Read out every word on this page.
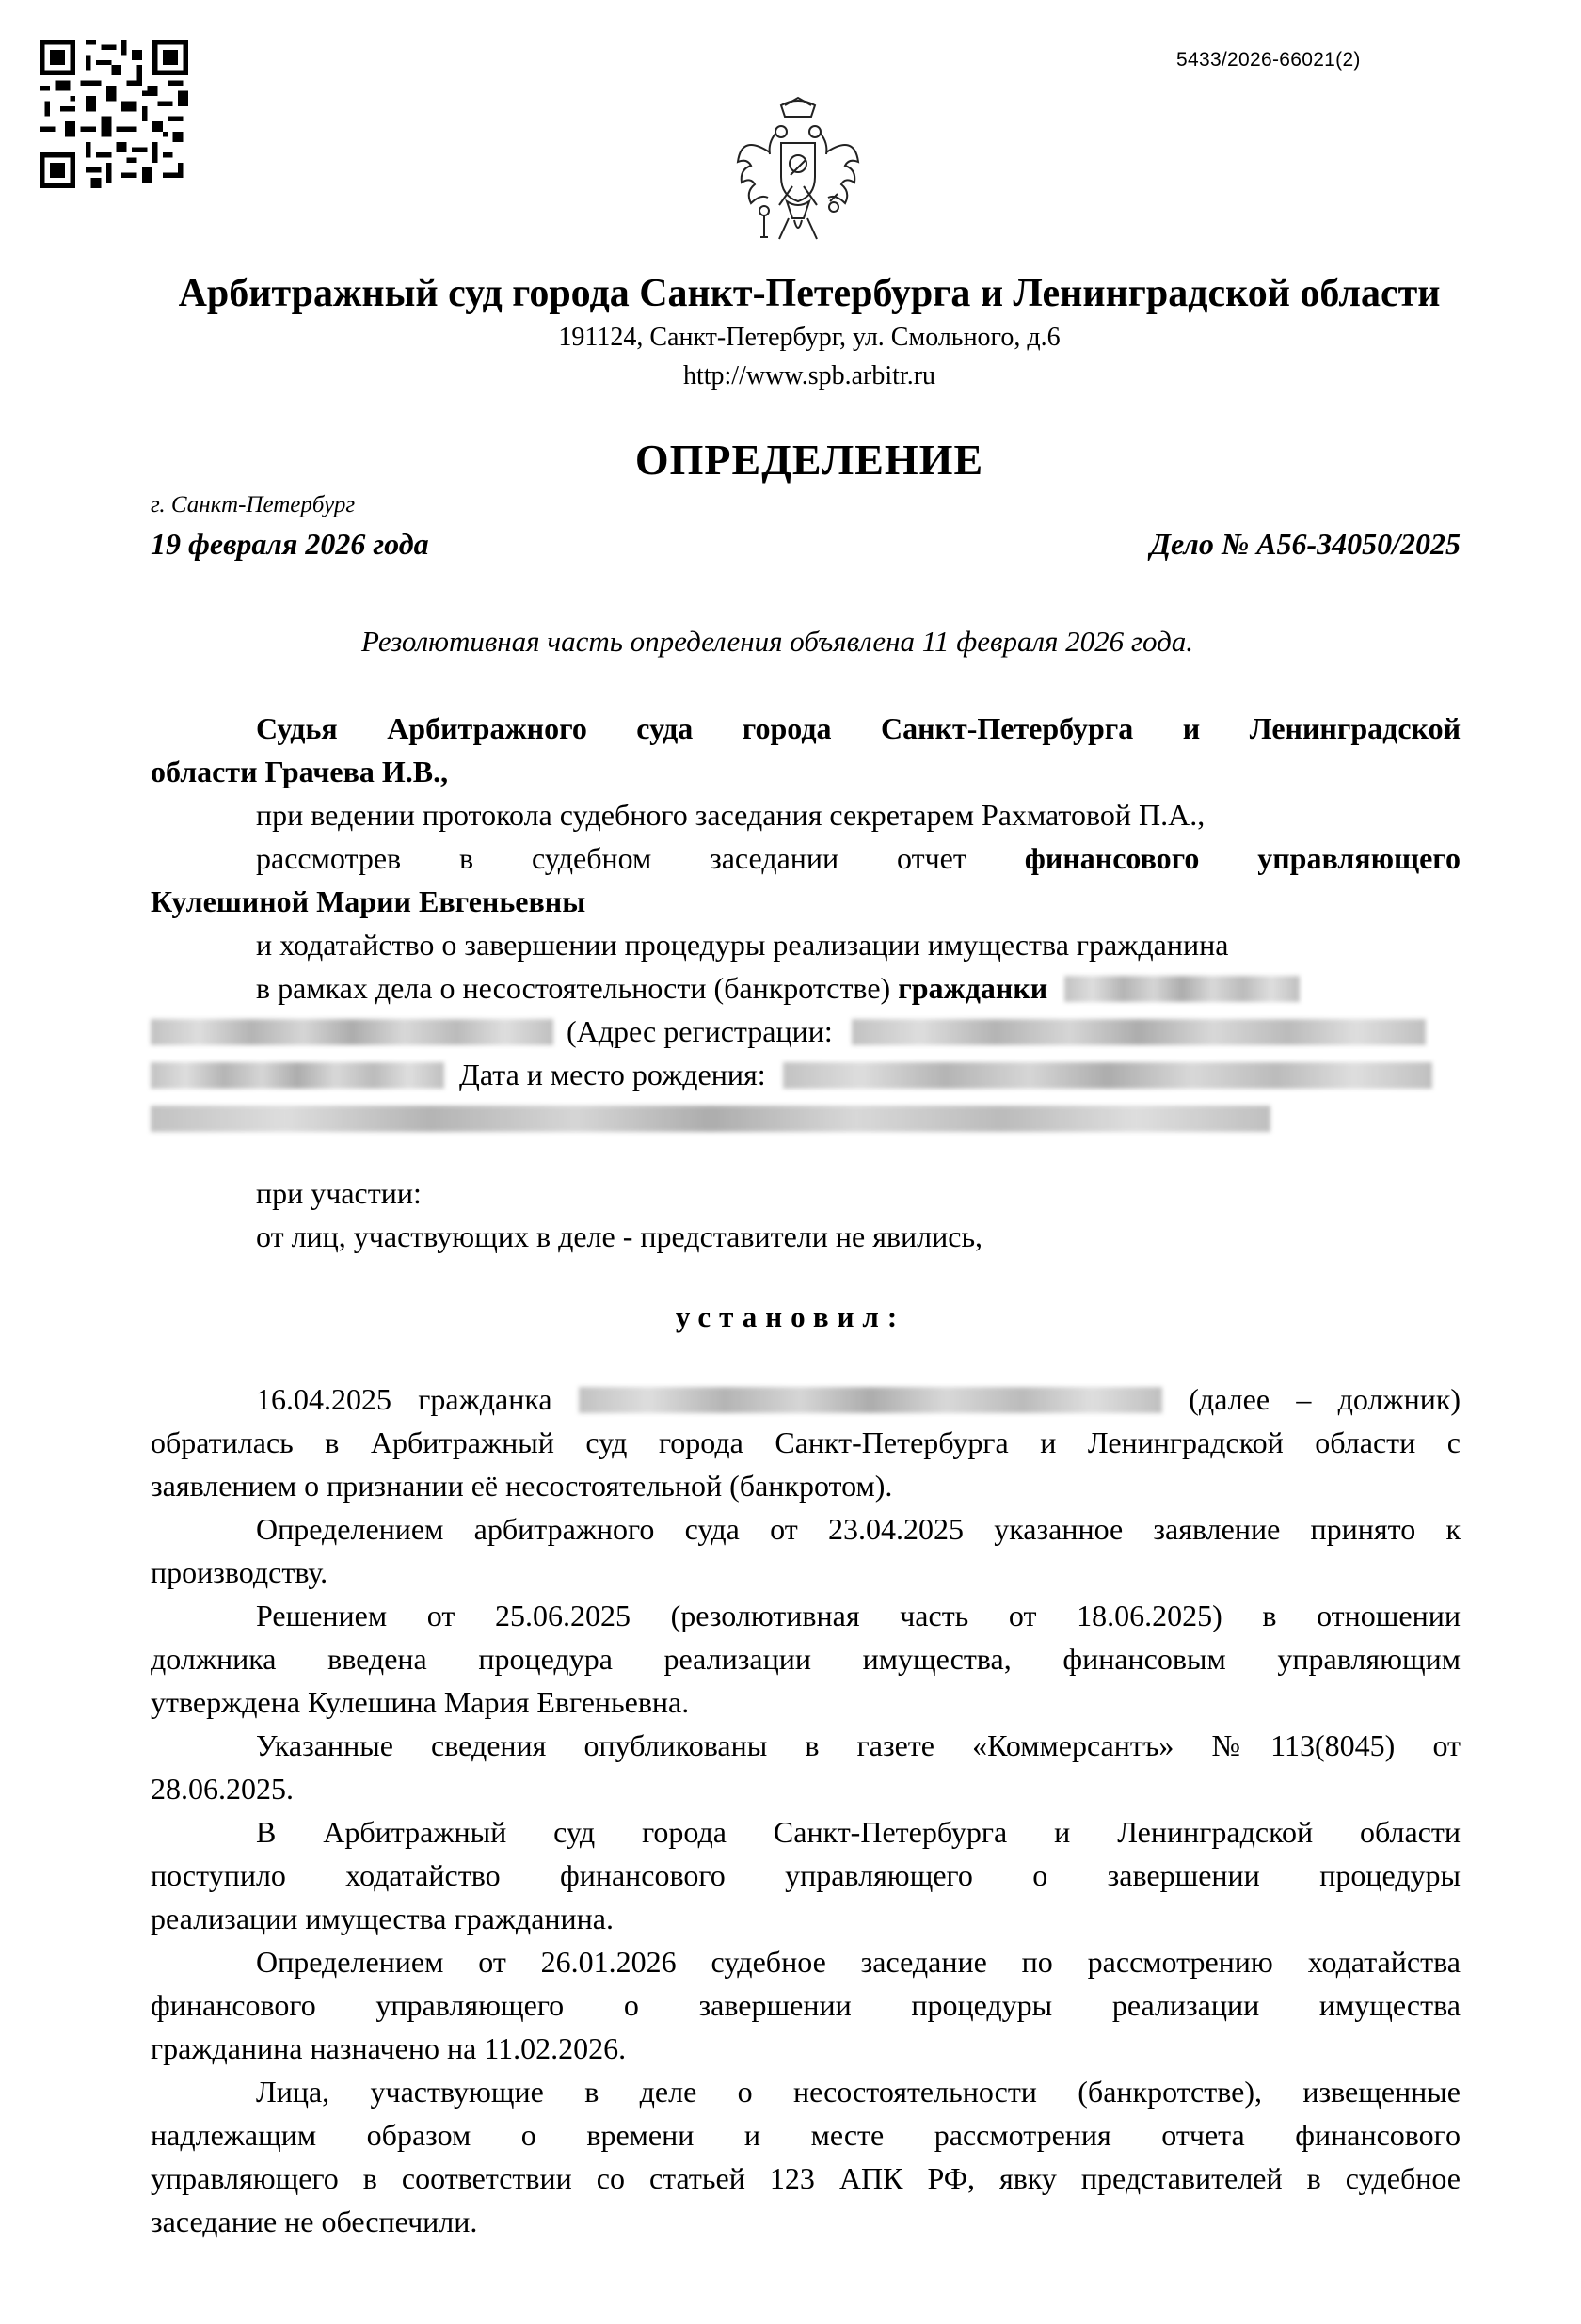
5433/2026-66021(2)
Арбитражный суд города Санкт-Петербурга и Ленинградской области
191124, Санкт-Петербург, ул. Смольного, д.6
http://www.spb.arbitr.ru
ОПРЕДЕЛЕНИЕ
г. Санкт-Петербург
19 февраля 2026 года	Дело № А56-34050/2025
Резолютивная часть определения объявлена 11 февраля 2026 года.
Судья Арбитражного суда города Санкт-Петербурга и Ленинградской
области Грачева И.В.,
при ведении протокола судебного заседания секретарем Рахматовой П.А.,
рассмотрев в судебном заседании отчет финансового управляющего
Кулешиной Марии Евгеньевны
и ходатайство о завершении процедуры реализации имущества гражданина
в рамках дела о несостоятельности (банкротстве) гражданки
(Адрес регистрации:
Дата и место рождения:
при участии:
от лиц, участвующих в деле - представители не явились,
установил:
16.04.2025 гражданка	(далее – должник)
обратилась в Арбитражный суд города Санкт-Петербурга и Ленинградской области с
заявлением о признании её несостоятельной (банкротом).
Определением арбитражного суда от 23.04.2025 указанное заявление принято к
производству.
Решением от 25.06.2025 (резолютивная часть от 18.06.2025) в отношении
должника введена процедура реализации имущества, финансовым управляющим
утверждена Кулешина Мария Евгеньевна.
Указанные сведения опубликованы в газете «Коммерсантъ» №113(8045) от
28.06.2025.
В Арбитражный суд города Санкт-Петербурга и Ленинградской области
поступило ходатайство финансового управляющего о завершении процедуры
реализации имущества гражданина.
Определением от 26.01.2026 судебное заседание по рассмотрению ходатайства
финансового управляющего о завершении процедуры реализации имущества
гражданина назначено на 11.02.2026.
Лица, участвующие в деле о несостоятельности (банкротстве), извещенные
надлежащим образом о времени и месте рассмотрения отчета финансового
управляющего в соответствии со статьей 123 АПК РФ, явку представителей в судебное
заседание не обеспечили.
